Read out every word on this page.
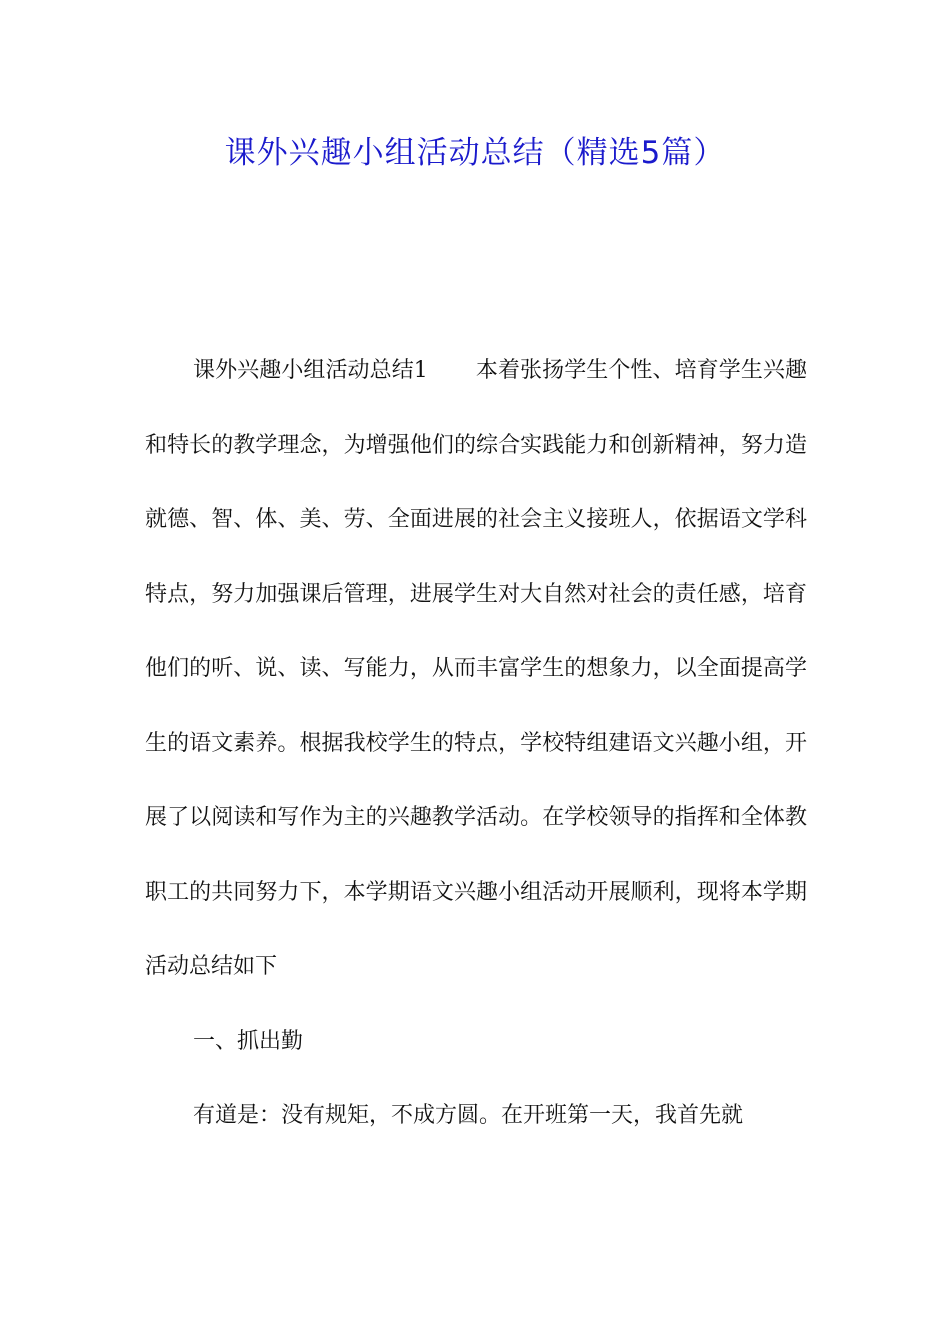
课外兴趣小组活动总结（精选5篇）

课外兴趣小组活动总结1 本着张扬学生个性、培育学生兴趣和特长的教学理念，为增强他们的综合实践能力和创新精神，努力造就德、智、体、美、劳、全面进展的社会主义接班人，依据语文学科特点，努力加强课后管理，进展学生对大自然对社会的责任感，培育他们的听、说、读、写能力，从而丰富学生的想象力，以全面提高学生的语文素养。根据我校学生的特点，学校特组建语文兴趣小组，开展了以阅读和写作为主的兴趣教学活动。在学校领导的指挥和全体教职工的共同努力下，本学期语文兴趣小组活动开展顺利，现将本学期活动总结如下

一、抓出勤

有道是：没有规矩，不成方圆。在开班第一天，我首先就
